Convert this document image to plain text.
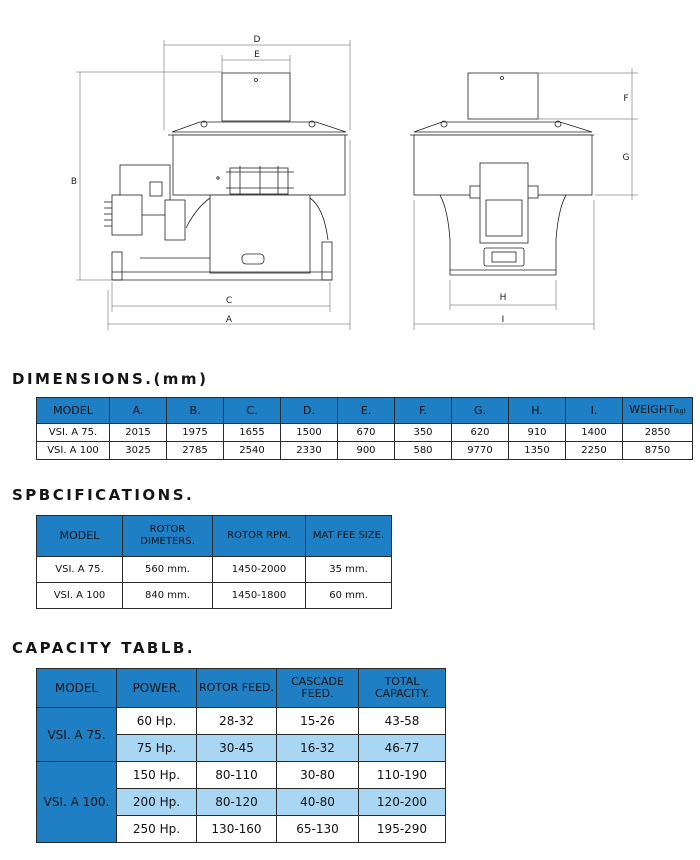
D
E
B
C
A
F
G
H
I
DIMENSIONS.(mm)
MODEL	A.	B.	C.	D.	E.	F.	G.	H.	I.	WEIGHT(kg)
VSI. A 75.	2015	1975	1655	1500	670	350	620	910	1400	2850
VSI. A 100	3025	2785	2540	2330	900	580	9770	1350	2250	8750
SPBCIFICATIONS.
MODEL	ROTOR DIMETERS.	ROTOR RPM.	MAT FEE SIZE.
VSI. A 75.	560 mm.	1450-2000	35 mm.
VSI. A 100	840 mm.	1450-1800	60 mm.
CAPACITY TABLB.
MODEL	POWER.	ROTOR FEED.	CASCADE FEED.	TOTAL CAPACITY.
VSI. A 75.	60 Hp.	28-32	15-26	43-58
	75 Hp.	30-45	16-32	46-77
VSI. A 100.	150 Hp.	80-110	30-80	110-190
	200 Hp.	80-120	40-80	120-200
	250 Hp.	130-160	65-130	195-290
